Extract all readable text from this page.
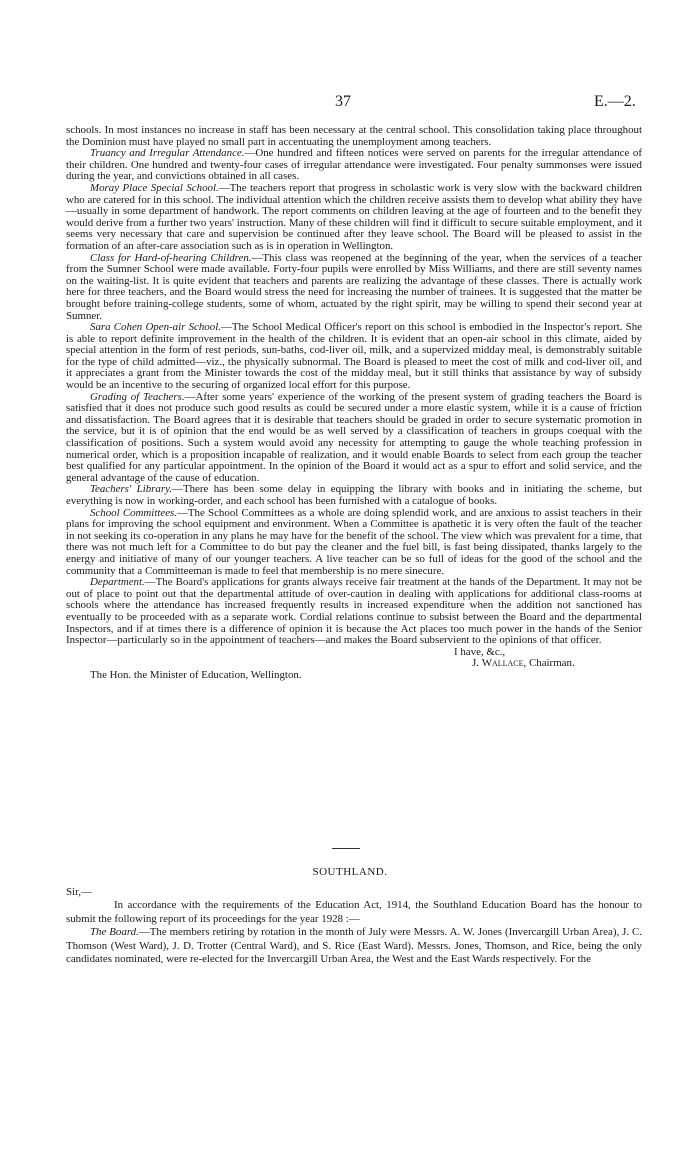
37	E.—2.

schools. In most instances no increase in staff has been necessary at the central school. This consolidation taking place throughout the Dominion must have played no small part in accentuating the unemployment among teachers.

Truancy and Irregular Attendance.—One hundred and fifteen notices were served on parents for the irregular attendance of their children. One hundred and twenty-four cases of irregular attendance were investigated. Four penalty summonses were issued during the year, and convictions obtained in all cases.

Moray Place Special School.—The teachers report that progress in scholastic work is very slow with the backward children who are catered for in this school. The individual attention which the children receive assists them to develop what ability they have—usually in some department of handwork. The report comments on children leaving at the age of fourteen and to the benefit they would derive from a further two years' instruction. Many of these children will find it difficult to secure suitable employment, and it seems very necessary that care and supervision be continued after they leave school. The Board will be pleased to assist in the formation of an after-care association such as is in operation in Wellington.

Class for Hard-of-hearing Children.—This class was reopened at the beginning of the year, when the services of a teacher from the Sumner School were made available. Forty-four pupils were enrolled by Miss Williams, and there are still seventy names on the waiting-list. It is quite evident that teachers and parents are realizing the advantage of these classes. There is actually work here for three teachers, and the Board would stress the need for increasing the number of trainees. It is suggested that the matter be brought before training-college students, some of whom, actuated by the right spirit, may be willing to spend their second year at Sumner.

Sara Cohen Open-air School.—The School Medical Officer's report on this school is embodied in the Inspector's report. She is able to report definite improvement in the health of the children. It is evident that an open-air school in this climate, aided by special attention in the form of rest periods, sun-baths, cod-liver oil, milk, and a supervized midday meal, is demonstrably suitable for the type of child admitted—viz., the physically subnormal. The Board is pleased to meet the cost of milk and cod-liver oil, and it appreciates a grant from the Minister towards the cost of the midday meal, but it still thinks that assistance by way of subsidy would be an incentive to the securing of organized local effort for this purpose.

Grading of Teachers.—After some years' experience of the working of the present system of grading teachers the Board is satisfied that it does not produce such good results as could be secured under a more elastic system, while it is a cause of friction and dissatisfaction. The Board agrees that it is desirable that teachers should be graded in order to secure systematic promotion in the service, but it is of opinion that the end would be as well served by a classification of teachers in groups coequal with the classification of positions. Such a system would avoid any necessity for attempting to gauge the whole teaching profession in numerical order, which is a proposition incapable of realization, and it would enable Boards to select from each group the teacher best qualified for any particular appointment. In the opinion of the Board it would act as a spur to effort and solid service, and the general advantage of the cause of education.

Teachers' Library.—There has been some delay in equipping the library with books and in initiating the scheme, but everything is now in working-order, and each school has been furnished with a catalogue of books.

School Committees.—The School Committees as a whole are doing splendid work, and are anxious to assist teachers in their plans for improving the school equipment and environment. When a Committee is apathetic it is very often the fault of the teacher in not seeking its co-operation in any plans he may have for the benefit of the school. The view which was prevalent for a time, that there was not much left for a Committee to do but pay the cleaner and the fuel bill, is fast being dissipated, thanks largely to the energy and initiative of many of our younger teachers. A live teacher can be so full of ideas for the good of the school and the community that a Committeeman is made to feel that membership is no mere sinecure.

Department.—The Board's applications for grants always receive fair treatment at the hands of the Department. It may not be out of place to point out that the departmental attitude of over-caution in dealing with applications for additional class-rooms at schools where the attendance has increased frequently results in increased expenditure when the addition not sanctioned has eventually to be proceeded with as a separate work. Cordial relations continue to subsist between the Board and the departmental Inspectors, and if at times there is a difference of opinion it is because the Act places too much power in the hands of the Senior Inspector—particularly so in the appointment of teachers—and makes the Board subservient to the opinions of that officer.

I have, &c.,

J. Wallace, Chairman.

The Hon. the Minister of Education, Wellington.

SOUTHLAND.

Sir,—

In accordance with the requirements of the Education Act, 1914, the Southland Education Board has the honour to submit the following report of its proceedings for the year 1928 :—

The Board.—The members retiring by rotation in the month of July were Messrs. A. W. Jones (Invercargill Urban Area), J. C. Thomson (West Ward), J. D. Trotter (Central Ward), and S. Rice (East Ward). Messrs. Jones, Thomson, and Rice, being the only candidates nominated, were re-elected for the Invercargill Urban Area, the West and the East Wards respectively. For the
